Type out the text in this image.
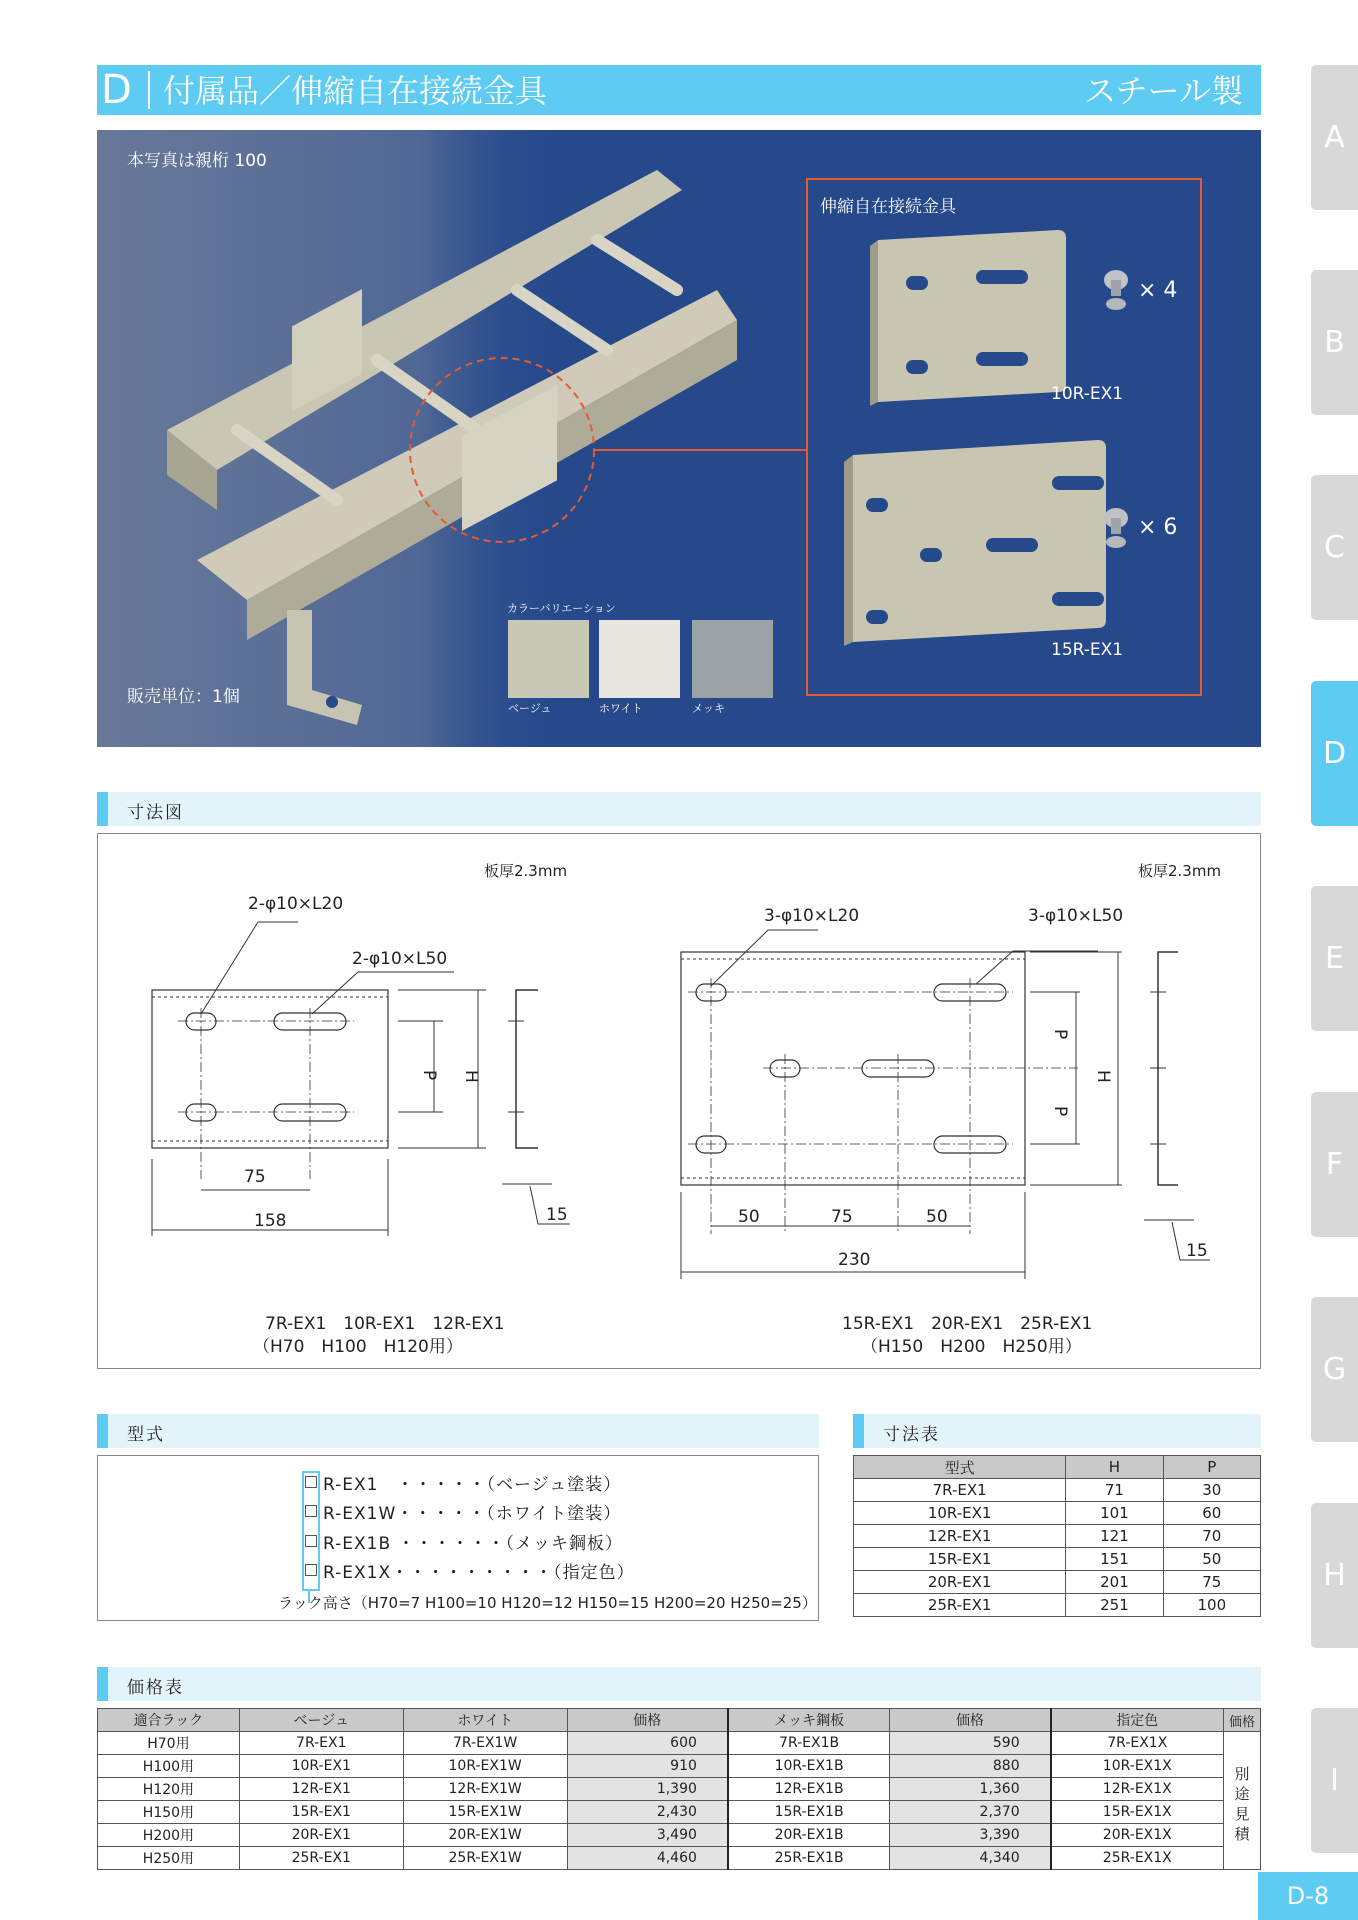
A
B
C
D
E
F
G
H
I
D 付属品／伸縮自在接続金具	スチール製
本写真は親桁 100
販売単位：1個
伸縮自在接続金具
× 4
10R-EX1
× 6
15R-EX1
カラーバリエーション
ベージュ	ホワイト	メッキ
寸法図
板厚2.3mm
2-φ10×L20
2-φ10×L50
P H
75
158	15
7R-EX1　10R-EX1　12R-EX1
（H70　H100　H120用）
板厚2.3mm
3-φ10×L20	3-φ10×L50
P
P
H
50	75	50
230	15
15R-EX1　20R-EX1　25R-EX1
（H150　H200　H250用）
型式
R-EX1　・・・・・（ベージュ塗装）
R-EX1W・・・・・（ホワイト塗装）
R-EX1B ・・・・・・（メッキ鋼板）
R-EX1X・・・・・・・・・（指定色）
ラック高さ（H70=7 H100=10 H120=12 H150=15 H200=20 H250=25）
寸法表
型式	H	P
7R-EX1	71	30
10R-EX1	101	60
12R-EX1	121	70
15R-EX1	151	50
20R-EX1	201	75
25R-EX1	251	100
価格表
適合ラック	ベージュ	ホワイト	価格	メッキ鋼板	価格	指定色	価格
H70用	7R-EX1	7R-EX1W	600	7R-EX1B	590	7R-EX1X	別
途
見
積

H100用	10R-EX1	10R-EX1W	910	10R-EX1B	880	10R-EX1X	
H120用	12R-EX1	12R-EX1W	1,390	12R-EX1B	1,360	12R-EX1X	
H150用	15R-EX1	15R-EX1W	2,430	15R-EX1B	2,370	15R-EX1X	
H200用	20R-EX1	20R-EX1W	3,490	20R-EX1B	3,390	20R-EX1X	
H250用	25R-EX1	25R-EX1W	4,460	25R-EX1B	4,340	25R-EX1X	
D-8
